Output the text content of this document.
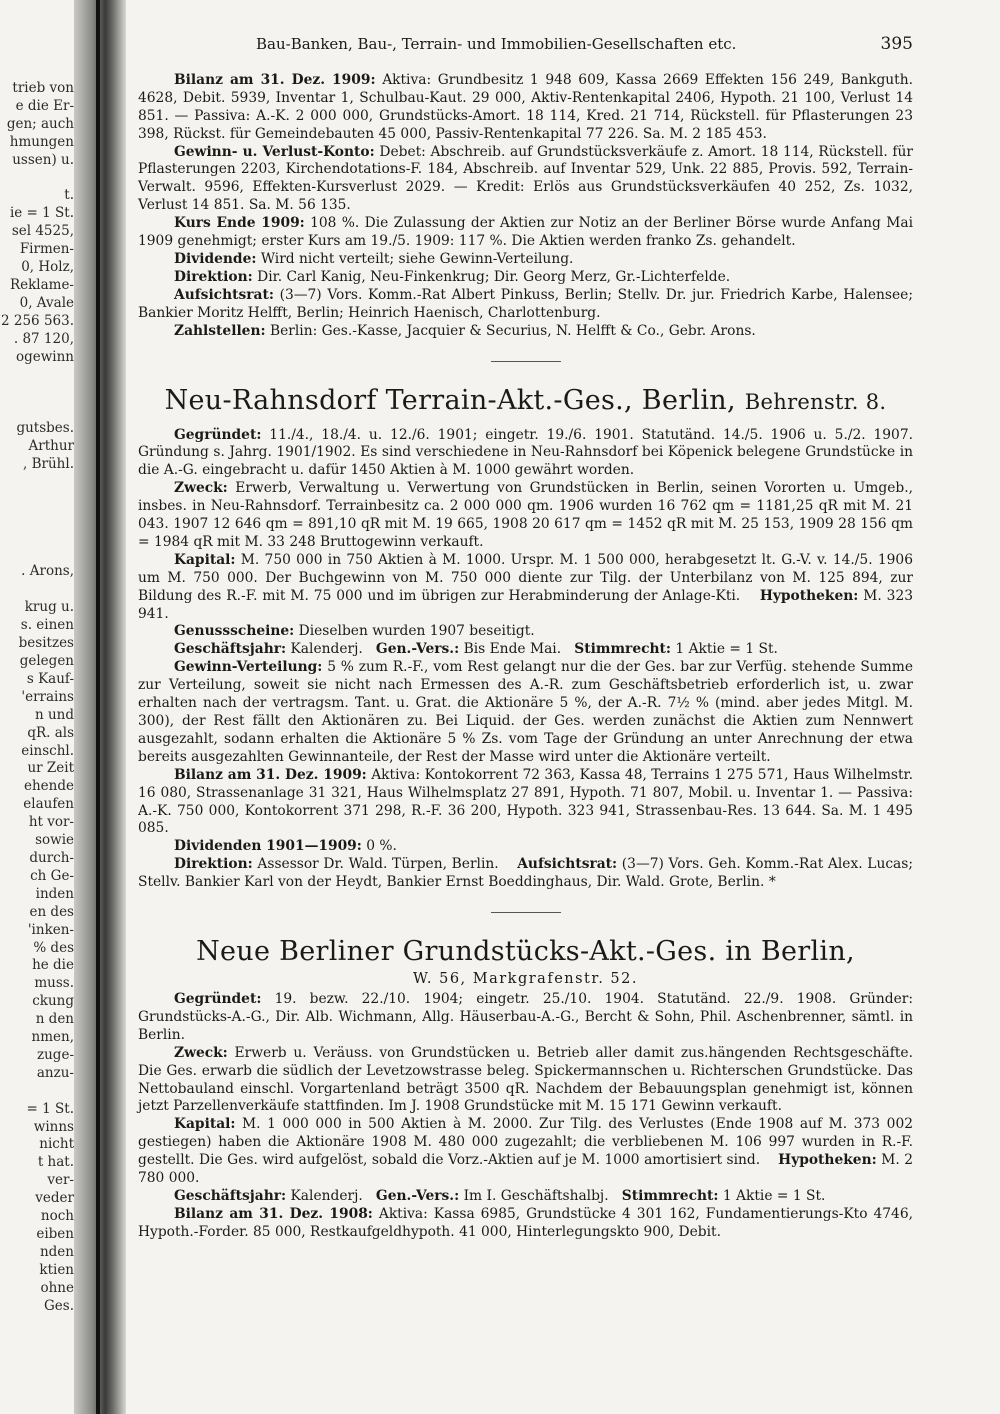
trieb von
e die Er-
gen; auch
hmungen
ussen) u.

t.
ie = 1 St.
sel 4525,
Firmen-
0, Holz,
Reklame-
0, Avale
2 256 563.
. 87 120,
ogewinn

gutsbes.
Arthur
, Brühl.

. Arons,

krug u.
s. einen
besitzes
gelegen
s Kauf-
'errains
n und
qR. als
einschl.
ur Zeit
ehende
elaufen
ht vor-
sowie
durch-
ch Ge-
inden
en des
'inken-
% des
he die
muss.
ckung
n den
nmen,
zuge-
anzu-

= 1 St.
winns
nicht
t hat.
ver-
veder
noch
eiben
nden
ktien
ohne
Ges.
Bau-Banken, Bau-, Terrain- und Immobilien-Gesellschaften etc.	395

Bilanz am 31. Dez. 1909: Aktiva: Grundbesitz 1 948 609, Kassa 2669 Effekten 156 249, Bankguth. 4628, Debit. 5939, Inventar 1, Schulbau-Kaut. 29 000, Aktiv-Rentenkapital 2406, Hypoth. 21 100, Verlust 14 851. — Passiva: A.-K. 2 000 000, Grundstücks-Amort. 18 114, Kred. 21 714, Rückstell. für Pflasterungen 23 398, Rückst. für Gemeindebauten 45 000, Passiv-Rentenkapital 77 226. Sa. M. 2 185 453.

Gewinn- u. Verlust-Konto: Debet: Abschreib. auf Grundstücksverkäufe z. Amort. 18 114, Rückstell. für Pflasterungen 2203, Kirchendotations-F. 184, Abschreib. auf Inventar 529, Unk. 22 885, Provis. 592, Terrain-Verwalt. 9596, Effekten-Kursverlust 2029. — Kredit: Erlös aus Grundstücksverkäufen 40 252, Zs. 1032, Verlust 14 851. Sa. M. 56 135.

Kurs Ende 1909: 108 %. Die Zulassung der Aktien zur Notiz an der Berliner Börse wurde Anfang Mai 1909 genehmigt; erster Kurs am 19./5. 1909: 117 %. Die Aktien werden franko Zs. gehandelt.

Dividende: Wird nicht verteilt; siehe Gewinn-Verteilung.

Direktion: Dir. Carl Kanig, Neu-Finkenkrug; Dir. Georg Merz, Gr.-Lichterfelde.

Aufsichtsrat: (3—7) Vors. Komm.-Rat Albert Pinkuss, Berlin; Stellv. Dr. jur. Friedrich Karbe, Halensee; Bankier Moritz Helfft, Berlin; Heinrich Haenisch, Charlottenburg.

Zahlstellen: Berlin: Ges.-Kasse, Jacquier & Securius, N. Helfft & Co., Gebr. Arons.

Neu-Rahnsdorf Terrain-Akt.-Ges., Berlin, Behrenstr. 8.

Gegründet: 11./4., 18./4. u. 12./6. 1901; eingetr. 19./6. 1901. Statutänd. 14./5. 1906 u. 5./2. 1907. Gründung s. Jahrg. 1901/1902. Es sind verschiedene in Neu-Rahnsdorf bei Köpenick belegene Grundstücke in die A.-G. eingebracht u. dafür 1450 Aktien à M. 1000 gewährt worden.

Zweck: Erwerb, Verwaltung u. Verwertung von Grundstücken in Berlin, seinen Vororten u. Umgeb., insbes. in Neu-Rahnsdorf. Terrainbesitz ca. 2 000 000 qm. 1906 wurden 16 762 qm = 1181,25 qR mit M. 21 043. 1907 12 646 qm = 891,10 qR mit M. 19 665, 1908 20 617 qm = 1452 qR mit M. 25 153, 1909 28 156 qm = 1984 qR mit M. 33 248 Bruttogewinn verkauft.

Kapital: M. 750 000 in 750 Aktien à M. 1000. Urspr. M. 1 500 000, herabgesetzt lt. G.-V. v. 14./5. 1906 um M. 750 000. Der Buchgewinn von M. 750 000 diente zur Tilg. der Unterbilanz von M. 125 894, zur Bildung des R.-F. mit M. 75 000 und im übrigen zur Herabminderung der Anlage-Kti. Hypotheken: M. 323 941.

Genussscheine: Dieselben wurden 1907 beseitigt.

Geschäftsjahr: Kalenderj. Gen.-Vers.: Bis Ende Mai. Stimmrecht: 1 Aktie = 1 St.

Gewinn-Verteilung: 5 % zum R.-F., vom Rest gelangt nur die der Ges. bar zur Verfüg. stehende Summe zur Verteilung, soweit sie nicht nach Ermessen des A.-R. zum Geschäftsbetrieb erforderlich ist, u. zwar erhalten nach der vertragsm. Tant. u. Grat. die Aktionäre 5 %, der A.-R. 7½ % (mind. aber jedes Mitgl. M. 300), der Rest fällt den Aktionären zu. Bei Liquid. der Ges. werden zunächst die Aktien zum Nennwert ausgezahlt, sodann erhalten die Aktionäre 5 % Zs. vom Tage der Gründung an unter Anrechnung der etwa bereits ausgezahlten Gewinnanteile, der Rest der Masse wird unter die Aktionäre verteilt.

Bilanz am 31. Dez. 1909: Aktiva: Kontokorrent 72 363, Kassa 48, Terrains 1 275 571, Haus Wilhelmstr. 16 080, Strassenanlage 31 321, Haus Wilhelmsplatz 27 891, Hypoth. 71 807, Mobil. u. Inventar 1. — Passiva: A.-K. 750 000, Kontokorrent 371 298, R.-F. 36 200, Hypoth. 323 941, Strassenbau-Res. 13 644. Sa. M. 1 495 085.

Dividenden 1901—1909: 0 %.

Direktion: Assessor Dr. Wald. Türpen, Berlin. Aufsichtsrat: (3—7) Vors. Geh. Komm.-Rat Alex. Lucas; Stellv. Bankier Karl von der Heydt, Bankier Ernst Boeddinghaus, Dir. Wald. Grote, Berlin. *

Neue Berliner Grundstücks-Akt.-Ges. in Berlin,
W. 56, Markgrafenstr. 52.

Gegründet: 19. bezw. 22./10. 1904; eingetr. 25./10. 1904. Statutänd. 22./9. 1908. Gründer: Grundstücks-A.-G., Dir. Alb. Wichmann, Allg. Häuserbau-A.-G., Bercht & Sohn, Phil. Aschenbrenner, sämtl. in Berlin.

Zweck: Erwerb u. Veräuss. von Grundstücken u. Betrieb aller damit zus.hängenden Rechtsgeschäfte. Die Ges. erwarb die südlich der Levetzowstrasse beleg. Spickermannschen u. Richterschen Grundstücke. Das Nettobauland einschl. Vorgartenland beträgt 3500 qR. Nachdem der Bebauungsplan genehmigt ist, können jetzt Parzellenverkäufe stattfinden. Im J. 1908 Grundstücke mit M. 15 171 Gewinn verkauft.

Kapital: M. 1 000 000 in 500 Aktien à M. 2000. Zur Tilg. des Verlustes (Ende 1908 auf M. 373 002 gestiegen) haben die Aktionäre 1908 M. 480 000 zugezahlt; die verbliebenen M. 106 997 wurden in R.-F. gestellt. Die Ges. wird aufgelöst, sobald die Vorz.-Aktien auf je M. 1000 amortisiert sind. Hypotheken: M. 2 780 000.

Geschäftsjahr: Kalenderj. Gen.-Vers.: Im I. Geschäftshalbj. Stimmrecht: 1 Aktie = 1 St.

Bilanz am 31. Dez. 1908: Aktiva: Kassa 6985, Grundstücke 4 301 162, Fundamentierungs-Kto 4746, Hypoth.-Forder. 85 000, Restkaufgeldhypoth. 41 000, Hinterlegungskto 900, Debit.
